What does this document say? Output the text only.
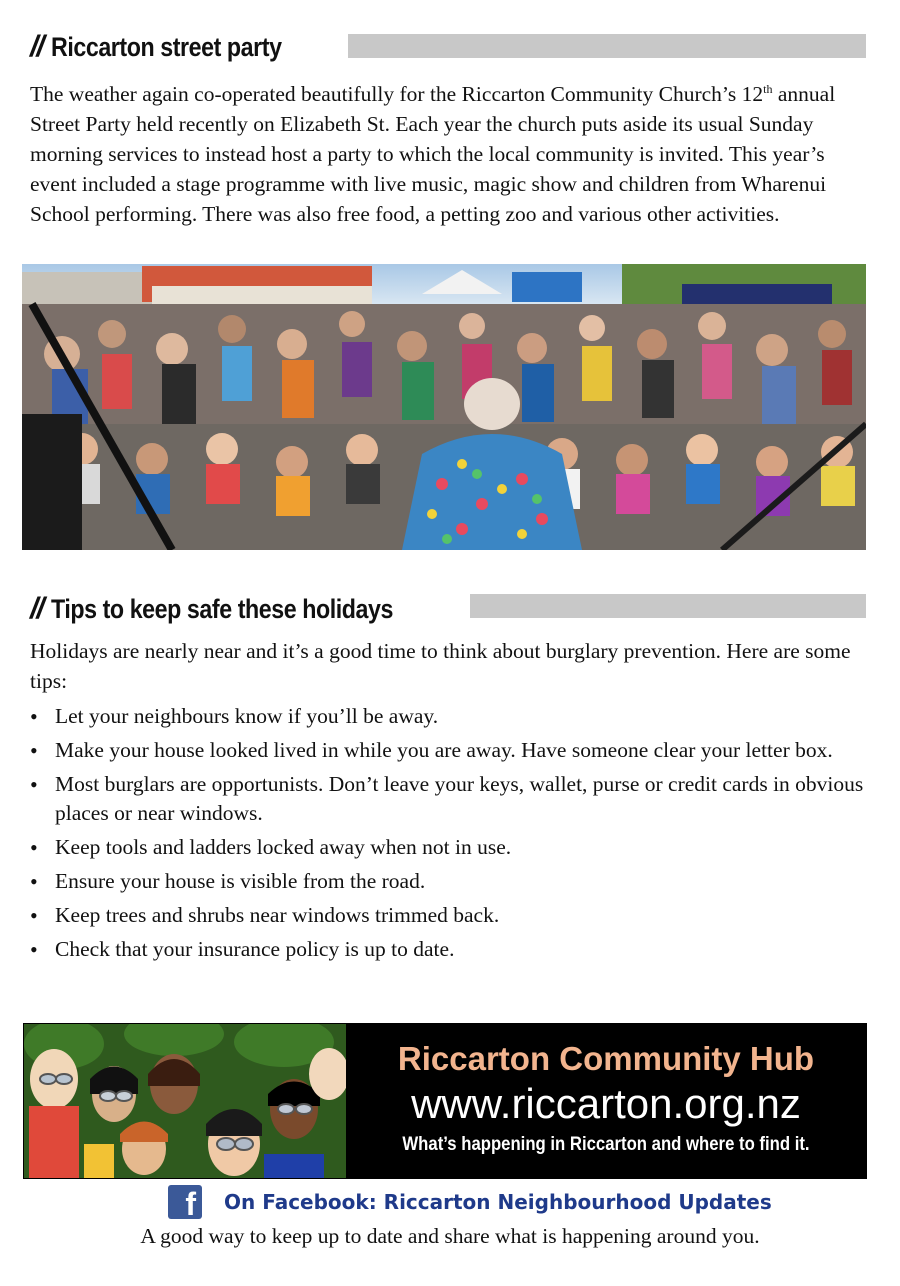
// Riccarton street party

The weather again co-operated beautifully for the Riccarton Community Church’s 12th annual Street Party held recently on Elizabeth St. Each year the church puts aside its usual Sunday morning services to instead host a party to which the local community is invited. This year’s event included a stage programme with live music, magic show and children from Wharenui School performing. There was also free food, a petting zoo and various other activities.

// Tips to keep safe these holidays

Holidays are nearly near and it’s a good time to think about burglary prevention. Here are some tips:

• Let your neighbours know if you’ll be away.
• Make your house looked lived in while you are away. Have someone clear your letter box.
• Most burglars are opportunists. Don’t leave your keys, wallet, purse or credit cards in obvious places or near windows.
• Keep tools and ladders locked away when not in use.
• Ensure your house is visible from the road.
• Keep trees and shrubs near windows trimmed back.
• Check that your insurance policy is up to date.
Riccarton Community Hub
www.riccarton.org.nz
What’s happening in Riccarton and where to find it.
f	On Facebook: Riccarton Neighbourhood Updates
A good way to keep up to date and share what is happening around you.
